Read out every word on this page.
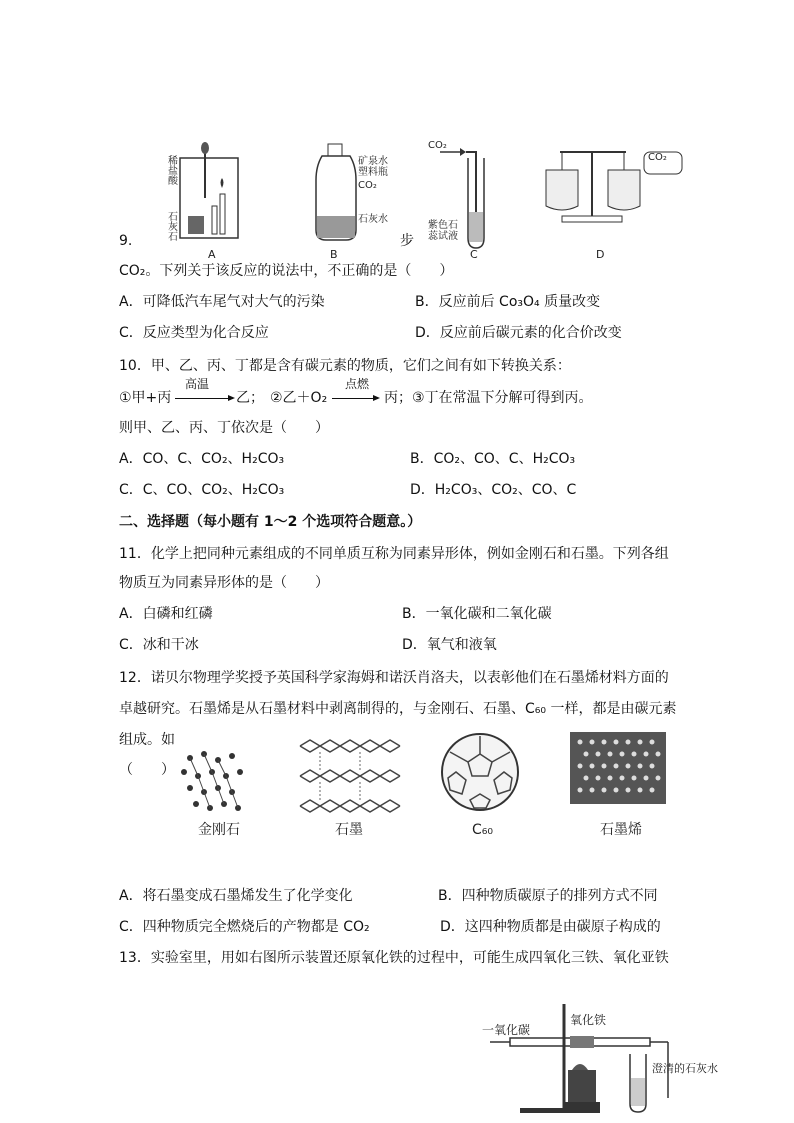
稀
盐
酸
石
灰
石
A
矿泉水
塑料瓶
CO₂
石灰水
B
CO₂
紫色石
蕊试液
C
CO₂
D
9.	步
CO₂。下列关于该反应的说法中，不正确的是（　　）
A．可降低汽车尾气对大气的污染	B．反应前后 Co₃O₄ 质量改变
C．反应类型为化合反应	D．反应前后碳元素的化合价改变
10．甲、乙、丙、丁都是含有碳元素的物质，它们之间有如下转换关系：
①甲+丙
高温
乙； ②乙＋O₂
点燃
丙；③丁在常温下分解可得到丙。
则甲、乙、丙、丁依次是（　　）
A．CO、C、CO₂、H₂CO₃	B．CO₂、CO、C、H₂CO₃
C．C、CO、CO₂、H₂CO₃	D．H₂CO₃、CO₂、CO、C
二、选择题（每小题有 1～2 个选项符合题意。）
11．化学上把同种元素组成的不同单质互称为同素异形体，例如金刚石和石墨。下列各组
物质互为同素异形体的是（　　）
A．白磷和红磷	B．一氧化碳和二氧化碳
C．冰和干冰	D．氧气和液氧
12．诺贝尔物理学奖授予英国科学家海姆和诺沃肖洛夫，以表彰他们在石墨烯材料方面的
卓越研究。石墨烯是从石墨材料中剥离制得的，与金刚石、石墨、C₆₀ 一样，都是由碳元素
组成。如
（　　）
金刚石	石墨	C₆₀	石墨烯
A．将石墨变成石墨烯发生了化学变化	B．四种物质碳原子的排列方式不同
C．四种物质完全燃烧后的产物都是 CO₂	D．这四种物质都是由碳原子构成的
13．实验室里，用如右图所示装置还原氧化铁的过程中，可能生成四氧化三铁、氧化亚铁
一氧化碳
氧化铁
澄清的石灰水
